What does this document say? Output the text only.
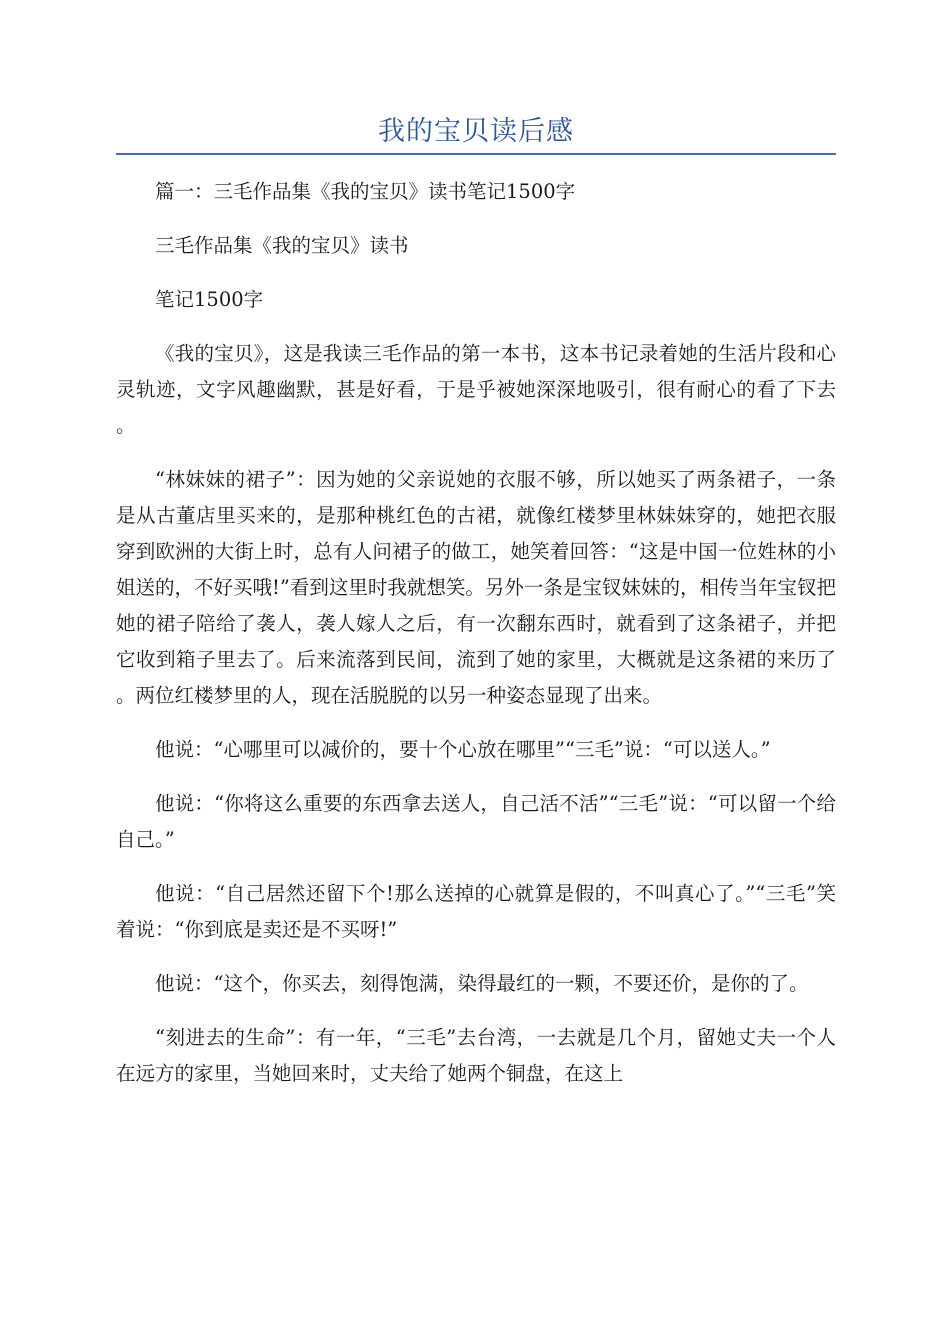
我的宝贝读后感

篇一：三毛作品集《我的宝贝》读书笔记1500字

三毛作品集《我的宝贝》读书

笔记1500字

《我的宝贝》，这是我读三毛作品的第一本书，这本书记录着她的生活片段和心灵轨迹，文字风趣幽默，甚是好看，于是乎被她深深地吸引，很有耐心的看了下去。

“林妹妹的裙子”：因为她的父亲说她的衣服不够，所以她买了两条裙子，一条是从古董店里买来的，是那种桃红色的古裙，就像红楼梦里林妹妹穿的，她把衣服穿到欧洲的大街上时，总有人问裙子的做工，她笑着回答：“这是中国一位姓林的小姐送的，不好买哦!”看到这里时我就想笑。另外一条是宝钗妹妹的，相传当年宝钗把她的裙子陪给了袭人，袭人嫁人之后，有一次翻东西时，就看到了这条裙子，并把它收到箱子里去了。后来流落到民间，流到了她的家里，大概就是这条裙的来历了。两位红楼梦里的人，现在活脱脱的以另一种姿态显现了出来。

他说：“心哪里可以减价的，要十个心放在哪里”“三毛”说：“可以送人。”

他说：“你将这么重要的东西拿去送人，自己活不活”“三毛”说：“可以留一个给自己。”

他说：“自己居然还留下个!那么送掉的心就算是假的，不叫真心了。”“三毛”笑着说：“你到底是卖还是不买呀!”

他说：“这个，你买去，刻得饱满，染得最红的一颗，不要还价，是你的了。

“刻进去的生命”：有一年，“三毛”去台湾，一去就是几个月，留她丈夫一个人在远方的家里，当她回来时，丈夫给了她两个铜盘，在这上
